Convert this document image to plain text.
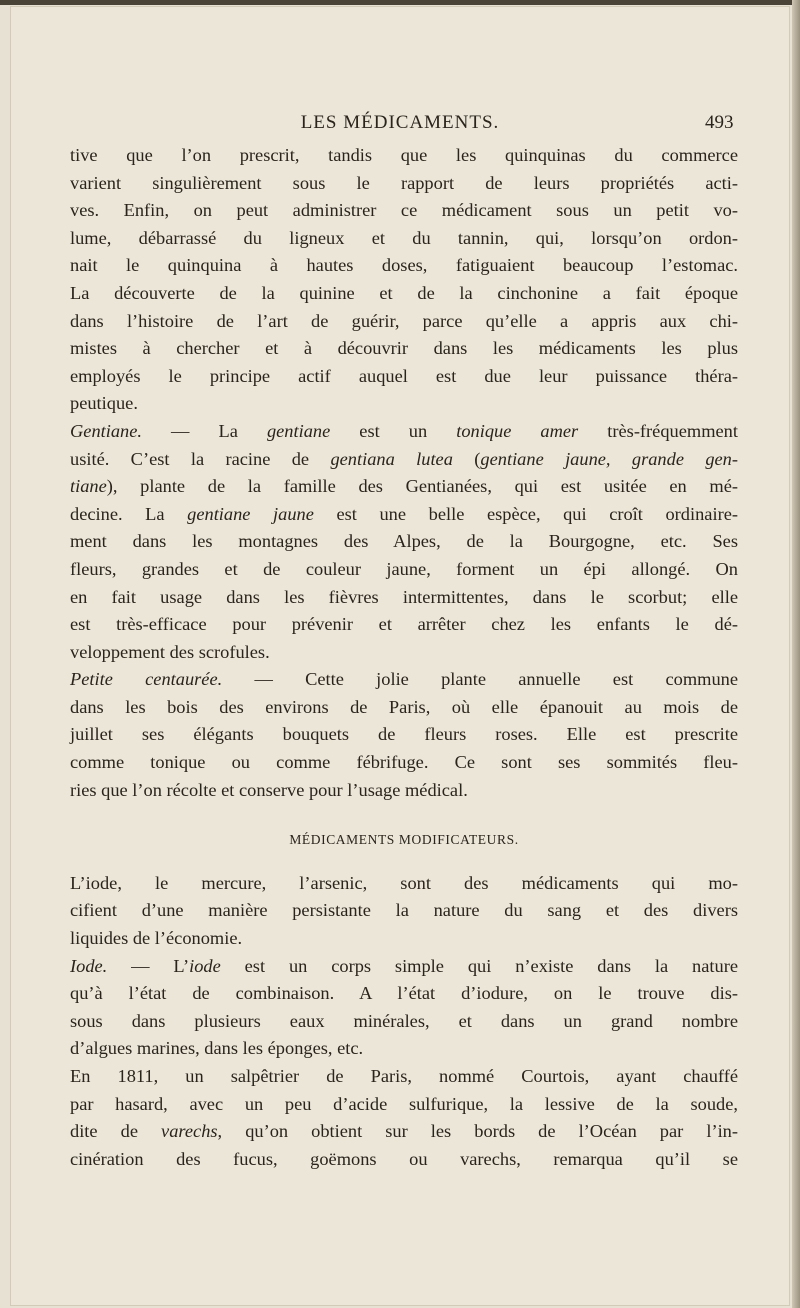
LES MÉDICAMENTS.	493

tive que l’on prescrit, tandis que les quinquinas du commerce
varient singulièrement sous le rapport de leurs propriétés acti-
ves. Enfin, on peut administrer ce médicament sous un petit vo-
lume, débarrassé du ligneux et du tannin, qui, lorsqu’on ordon-
nait le quinquina à hautes doses, fatiguaient beaucoup l’estomac.

La découverte de la quinine et de la cinchonine a fait époque
dans l’histoire de l’art de guérir, parce qu’elle a appris aux chi-
mistes à chercher et à découvrir dans les médicaments les plus
employés le principe actif auquel est due leur puissance théra-
peutique.

Gentiane. — La gentiane est un tonique amer très-fréquemment
usité. C’est la racine de gentiana lutea (gentiane jaune, grande gen-
tiane), plante de la famille des Gentianées, qui est usitée en mé-
decine. La gentiane jaune est une belle espèce, qui croît ordinaire-
ment dans les montagnes des Alpes, de la Bourgogne, etc. Ses
fleurs, grandes et de couleur jaune, forment un épi allongé. On
en fait usage dans les fièvres intermittentes, dans le scorbut; elle
est très-efficace pour prévenir et arrêter chez les enfants le dé-
veloppement des scrofules.

Petite centaurée. — Cette jolie plante annuelle est commune
dans les bois des environs de Paris, où elle épanouit au mois de
juillet ses élégants bouquets de fleurs roses. Elle est prescrite
comme tonique ou comme fébrifuge. Ce sont ses sommités fleu-
ries que l’on récolte et conserve pour l’usage médical.

MÉDICAMENTS MODIFICATEURS.

L’iode, le mercure, l’arsenic, sont des médicaments qui mo-
cifient d’une manière persistante la nature du sang et des divers
liquides de l’économie.

Iode. — L’iode est un corps simple qui n’existe dans la nature
qu’à l’état de combinaison. A l’état d’iodure, on le trouve dis-
sous dans plusieurs eaux minérales, et dans un grand nombre
d’algues marines, dans les éponges, etc.

En 1811, un salpêtrier de Paris, nommé Courtois, ayant chauffé
par hasard, avec un peu d’acide sulfurique, la lessive de la soude,
dite de varechs, qu’on obtient sur les bords de l’Océan par l’in-
cinération des fucus, goëmons ou varechs, remarqua qu’il se
